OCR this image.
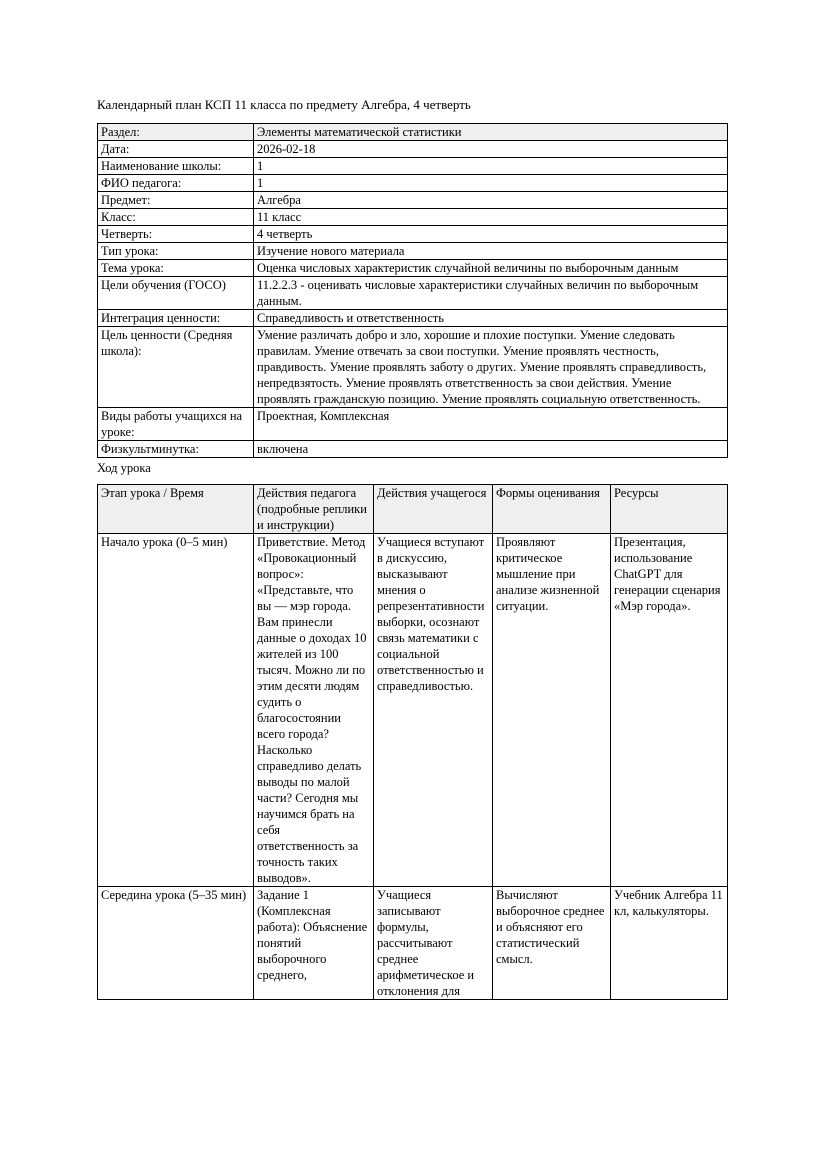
Календарный план КСП 11 класса по предмету Алгебра, 4 четверть

Раздел:	Элементы математической статистики
Дата:	2026-02-18
Наименование школы:	1
ФИО педагога:	1
Предмет:	Алгебра
Класс:	11 класс
Четверть:	4 четверть
Тип урока:	Изучение нового материала
Тема урока:	Оценка числовых характеристик случайной величины по выборочным данным
Цели обучения (ГОСО)	11.2.2.3 - оценивать числовые характеристики случайных величин по выборочным данным.
Интеграция ценности:	Справедливость и ответственность
Цель ценности (Средняя школа):	Умение различать добро и зло, хорошие и плохие поступки. Умение следовать правилам. Умение отвечать за свои поступки. Умение проявлять честность, правдивость. Умение проявлять заботу о других. Умение проявлять справедливость, непредвзятость. Умение проявлять ответственность за свои действия. Умение проявлять гражданскую позицию. Умение проявлять социальную ответственность.
Виды работы учащихся на уроке:	Проектная, Комплексная
Физкультминутка:	включена

Ход урока

Этап урока / Время	Действия педагога (подробные реплики и инструкции)	Действия учащегося	Формы оценивания	Ресурсы
Начало урока (0–5 мин)	Приветствие. Метод «Провокационный вопрос»: «Представьте, что вы — мэр города. Вам принесли данные о доходах 10 жителей из 100 тысяч. Можно ли по этим десяти людям судить о благосостоянии всего города? Насколько справедливо делать выводы по малой части? Сегодня мы научимся брать на себя ответственность за точность таких выводов».	Учащиеся вступают в дискуссию, высказывают мнения о репрезентативности выборки, осознают связь математики с социальной ответственностью и справедливостью.	Проявляют критическое мышление при анализе жизненной ситуации.	Презентация, использование ChatGPT для генерации сценария «Мэр города».
Середина урока (5–35 мин)	Задание 1 (Комплексная работа): Объяснение понятий выборочного среднего,	Учащиеся записывают формулы, рассчитывают среднее арифметическое и отклонения для	Вычисляют выборочное среднее и объясняют его статистический смысл.	Учебник Алгебра 11 кл, калькуляторы.
